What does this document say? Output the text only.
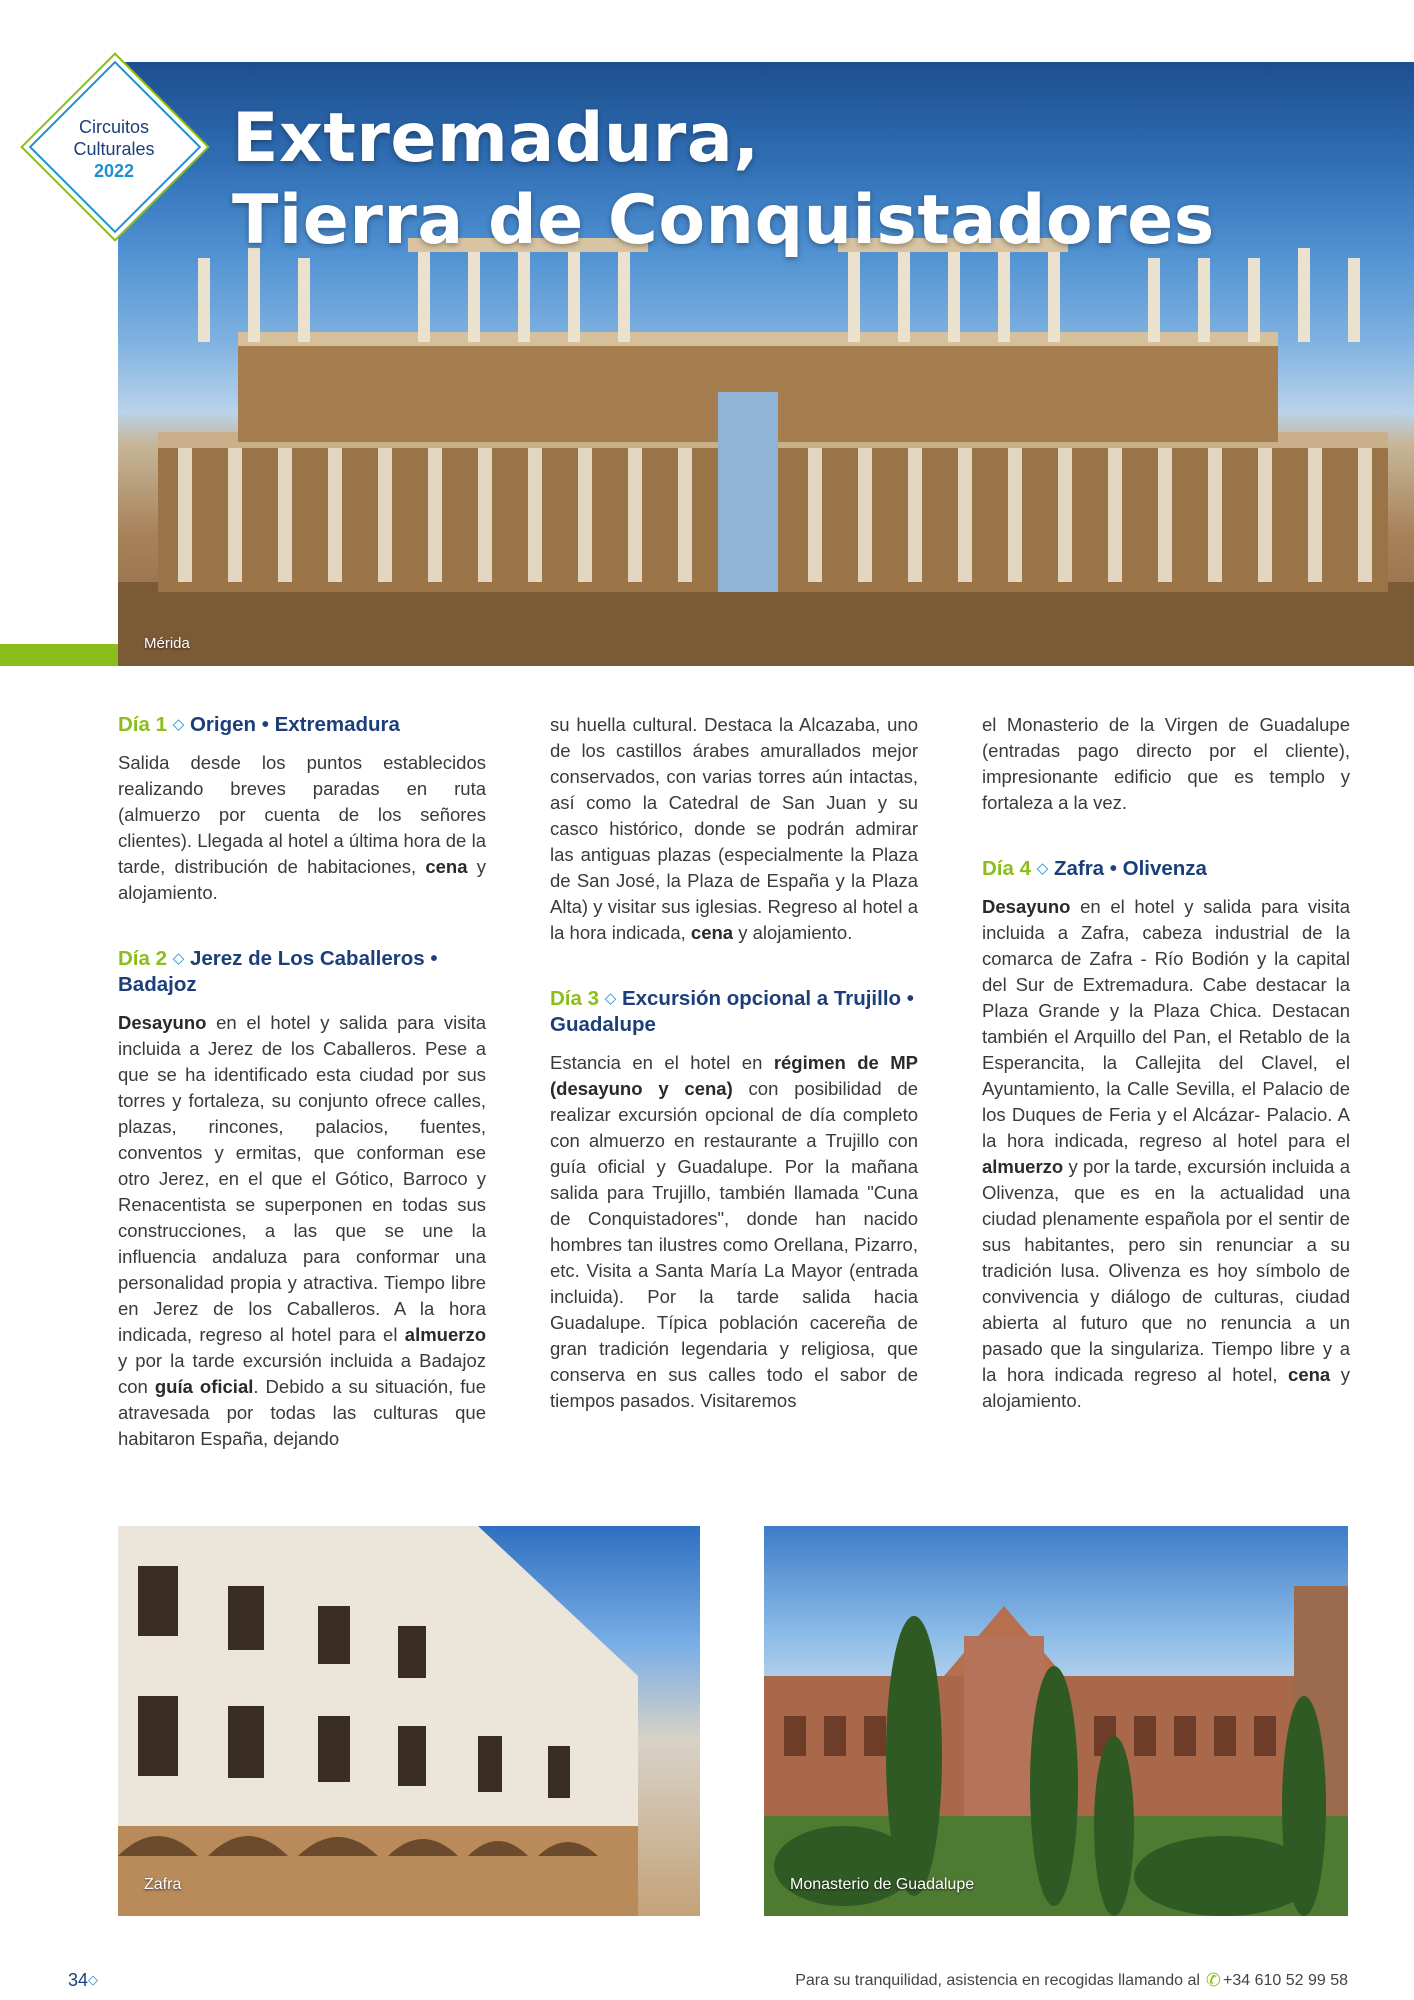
Mérida
Extremadura,
Tierra de Conquistadores
Circuitos
Culturales
2022
Día 1 ◇ Origen • Extremadura

Salida desde los puntos establecidos realizando breves paradas en ruta (almuerzo por cuenta de los señores clientes). Llegada al hotel a última hora de la tarde, distribución de habitaciones, cena y alojamiento.

Día 2 ◇ Jerez de Los Caballeros • Badajoz

Desayuno en el hotel y salida para visita incluida a Jerez de los Caballeros. Pese a que se ha identificado esta ciudad por sus torres y fortaleza, su conjunto ofrece calles, plazas, rincones, palacios, fuentes, conventos y ermitas, que conforman ese otro Jerez, en el que el Gótico, Barroco y Renacentista se superponen en todas sus construcciones, a las que se une la influencia andaluza para conformar una personalidad propia y atractiva. Tiempo libre en Jerez de los Caballeros. A la hora indicada, regreso al hotel para el almuerzo y por la tarde excursión incluida a Badajoz con guía oficial. Debido a su situación, fue atravesada por todas las culturas que habitaron España, dejando

su huella cultural. Destaca la Alcazaba, uno de los castillos árabes amurallados mejor conservados, con varias torres aún intactas, así como la Catedral de San Juan y su casco histórico, donde se podrán admirar las antiguas plazas (especialmente la Plaza de San José, la Plaza de España y la Plaza Alta) y visitar sus iglesias. Regreso al hotel a la hora indicada, cena y alojamiento.

Día 3 ◇ Excursión opcional a Trujillo • Guadalupe

Estancia en el hotel en régimen de MP (desayuno y cena) con posibilidad de realizar excursión opcional de día completo con almuerzo en restaurante a Trujillo con guía oficial y Guadalupe. Por la mañana salida para Trujillo, también llamada "Cuna de Conquistadores", donde han nacido hombres tan ilustres como Orellana, Pizarro, etc. Visita a Santa María La Mayor (entrada incluida). Por la tarde salida hacia Guadalupe. Típica población cacereña de gran tradición legendaria y religiosa, que conserva en sus calles todo el sabor de tiempos pasados. Visitaremos

el Monasterio de la Virgen de Guadalupe (entradas pago directo por el cliente), impresionante edificio que es templo y fortaleza a la vez.

Día 4 ◇ Zafra • Olivenza

Desayuno en el hotel y salida para visita incluida a Zafra, cabeza industrial de la comarca de Zafra - Río Bodión y la capital del Sur de Extremadura. Cabe destacar la Plaza Grande y la Plaza Chica. Destacan también el Arquillo del Pan, el Retablo de la Esperancita, la Callejita del Clavel, el Ayuntamiento, la Calle Sevilla, el Palacio de los Duques de Feria y el Alcázar- Palacio. A la hora indicada, regreso al hotel para el almuerzo y por la tarde, excursión incluida a Olivenza, que es en la actualidad una ciudad plenamente española por el sentir de sus habitantes, pero sin renunciar a su tradición lusa. Olivenza es hoy símbolo de convivencia y diálogo de culturas, ciudad abierta al futuro que no renuncia a un pasado que la singulariza. Tiempo libre y a la hora indicada regreso al hotel, cena y alojamiento.

Zafra	Monasterio de Guadalupe
34◇	Para su tranquilidad, asistencia en recogidas llamando al ✆ +34 610 52 99 58
